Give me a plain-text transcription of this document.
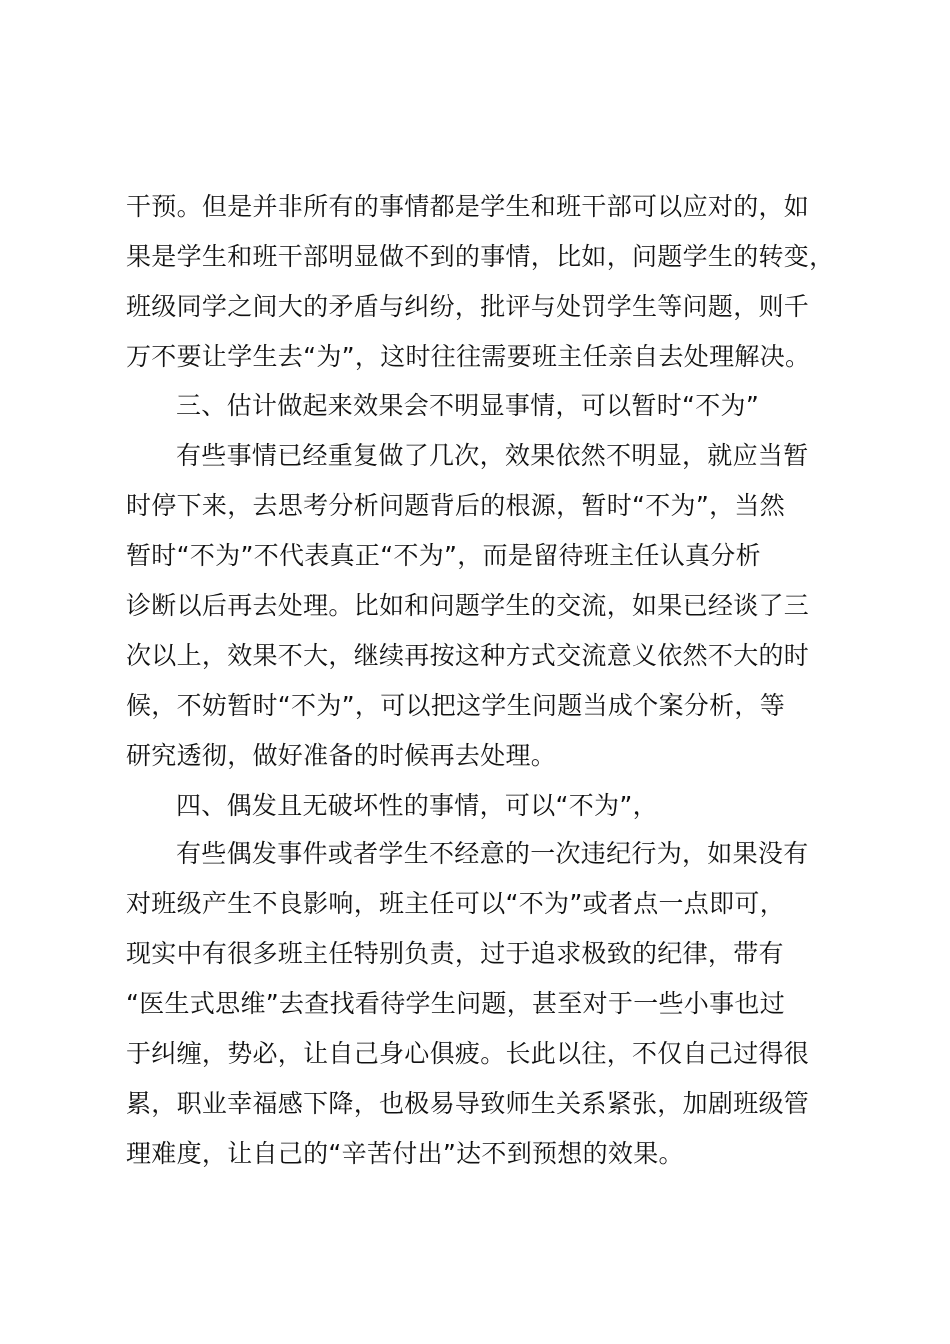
干预。但是并非所有的事情都是学生和班干部可以应对的，如
果是学生和班干部明显做不到的事情，比如，问题学生的转变，
班级同学之间大的矛盾与纠纷，批评与处罚学生等问题，则千
万不要让学生去“为”，这时往往需要班主任亲自去处理解决。
三、估计做起来效果会不明显事情，可以暂时“不为”
有些事情已经重复做了几次，效果依然不明显，就应当暂
时停下来，去思考分析问题背后的根源，暂时“不为”，当然
暂时“不为”不代表真正“不为”，而是留待班主任认真分析
诊断以后再去处理。比如和问题学生的交流，如果已经谈了三
次以上，效果不大，继续再按这种方式交流意义依然不大的时
候，不妨暂时“不为”，可以把这学生问题当成个案分析，等
研究透彻，做好准备的时候再去处理。
四、偶发且无破坏性的事情，可以“不为”，
有些偶发事件或者学生不经意的一次违纪行为，如果没有
对班级产生不良影响，班主任可以“不为”或者点一点即可，
现实中有很多班主任特别负责，过于追求极致的纪律，带有
“医生式思维”去查找看待学生问题，甚至对于一些小事也过
于纠缠，势必，让自己身心俱疲。长此以往，不仅自己过得很
累，职业幸福感下降，也极易导致师生关系紧张，加剧班级管
理难度，让自己的“辛苦付出”达不到预想的效果。
